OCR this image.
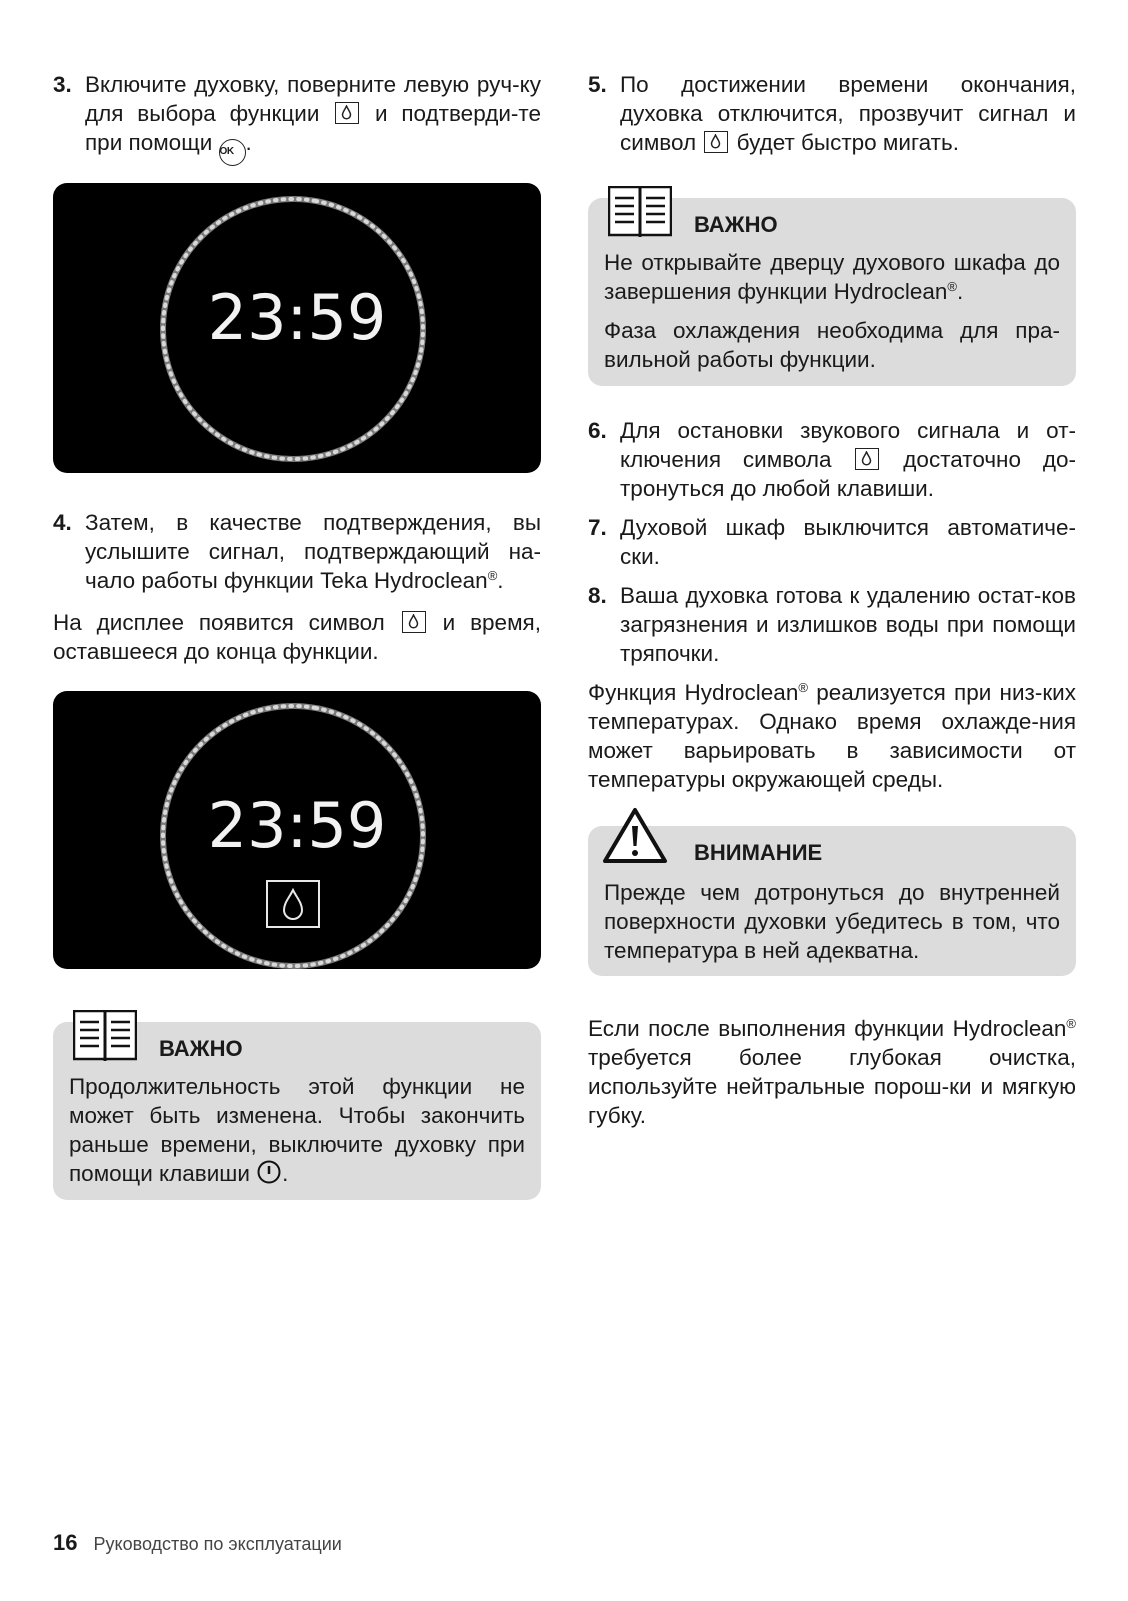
3. Включите духовку, поверните левую руч-ку для выбора функции и подтверди-те при помощи OK .
23:59
4. Затем, в качестве подтверждения, вы услышите сигнал, подтверждающий на-чало работы функции Teka Hydroclean®.

На дисплее появится символ	и время, оставшееся до конца функции.

23:59
ВАЖНО

Продолжительность этой функции не может быть изменена. Чтобы закончить раньше времени, выключите духовку при помощи клавиши .

5. По достижении времени окончания, духовка отключится, прозвучит сигнал и символ будет быстро мигать.
ВАЖНО

Не открывайте дверцу духового шкафа до завершения функции Hydroclean®.

Фаза охлаждения необходима для пра-вильной работы функции.

6. Для остановки звукового сигнала и от-ключения символа	достаточно до-тронуться до любой клавиши.
7. Духовой шкаф выключится автоматиче-ски.
8. Ваша духовка готова к удалению остат-ков загрязнения и излишков воды при помощи тряпочки.

Функция Hydroclean® реализуется при низ-ких температурах. Однако время охлажде-ния может варьировать в зависимости от температуры окружающей среды.

ВНИМАНИЕ

Прежде чем дотронуться до внутренней поверхности духовки убедитесь в том, что температура в ней адекватна.

Если после выполнения функции Hydroclean® требуется более глубокая очистка, используйте нейтральные порош-ки и мягкую губку.

16 Руководство по эксплуатации
